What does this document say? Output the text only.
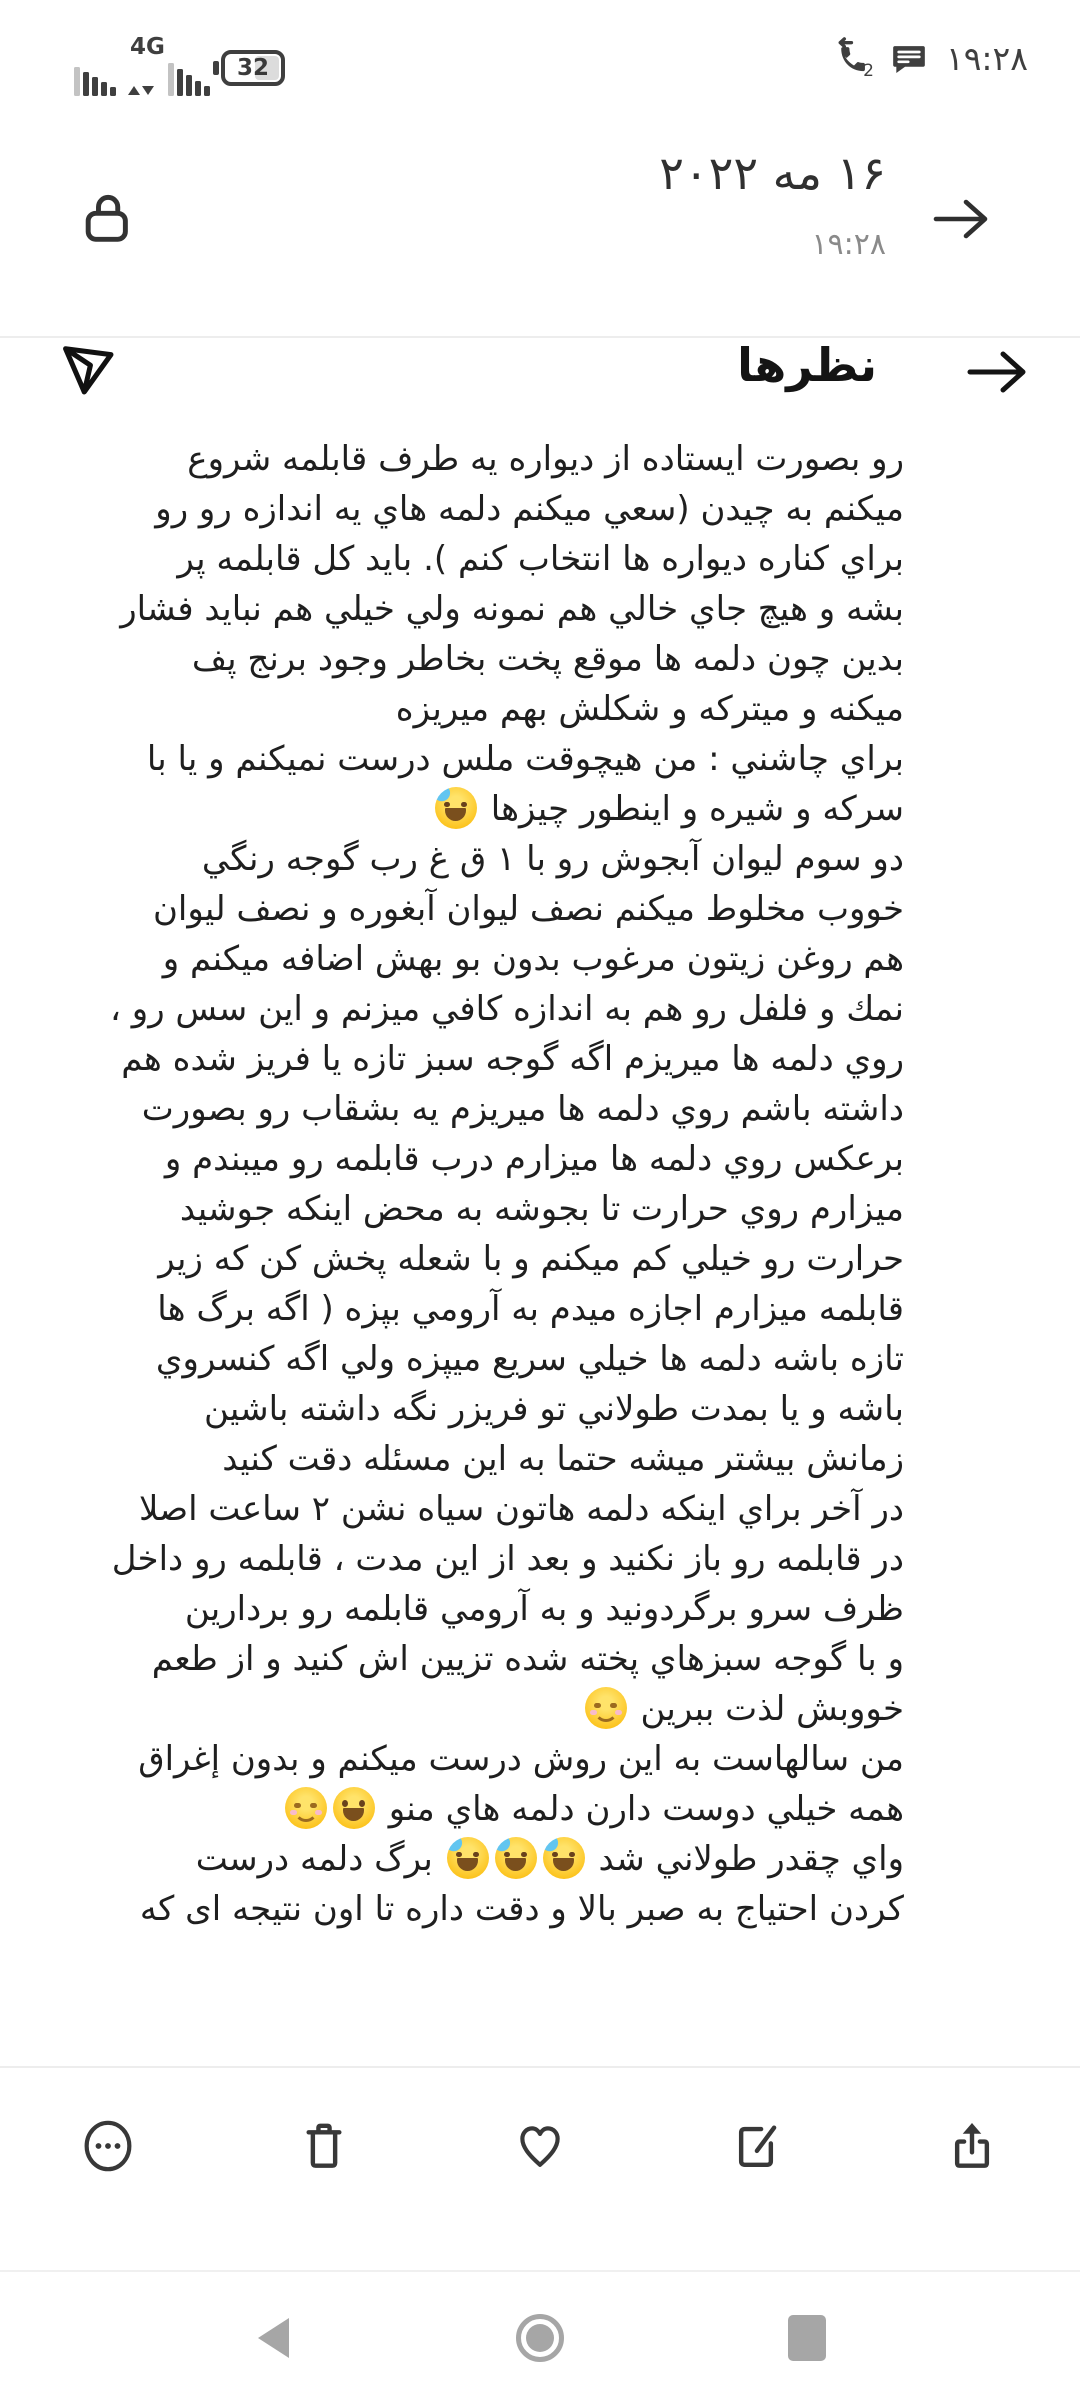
32
4G
2 ۱۹:۲۸
۱۶ مه ۲۰۲۲
۱۹:۲۸
نظرها

رو بصورت ایستاده از دیواره یه طرف قابلمه شروع میکنم به چیدن (سعي میکنم دلمه هاي یه اندازه رو رو براي کناره دیواره ها انتخاب کنم ). باید کل قابلمه پر بشه و هیچ جاي خالي هم نمونه ولي خیلي هم نباید فشار بدین چون دلمه ها موقع پخت بخاطر وجود برنج پف میکنه و میترکه و شکلش بهم میریزه

براي چاشني : من هیچوقت ملس درست نمیکنم و یا با سرکه و شیره و اینطور چیزها

دو سوم لیوان آبجوش رو با ۱ ق غ رب گوجه رنگي خووب مخلوط میکنم نصف لیوان آبغوره و نصف لیوان هم روغن زیتون مرغوب بدون بو بهش اضافه میکنم و نمك و فلفل رو هم به اندازه کافي میزنم و این سس رو ، روي دلمه ها میریزم اگه گوجه سبز تازه یا فریز شده هم داشته باشم روي دلمه ها میریزم یه بشقاب رو بصورت برعکس روي دلمه ها میزارم درب قابلمه رو میبندم و میزارم روي حرارت تا بجوشه به محض اینکه جوشید حرارت رو خیلي کم میکنم و با شعله پخش کن که زیر قابلمه میزارم اجازه میدم به آرومي بپزه ( اگه برگ ها تازه باشه دلمه ها خیلي سریع میپزه ولي اگه کنسروي باشه و یا بمدت طولاني تو فریزر نگه داشته باشین زمانش بیشتر میشه حتما به این مسئله دقت کنید

در آخر براي اینکه دلمه هاتون سیاه نشن ۲ ساعت اصلا در قابلمه رو باز نکنید و بعد از این مدت ، قابلمه رو داخل ظرف سرو برگردونید و به آرومي قابلمه رو بردارین

و با گوجه سبزهاي پخته شده تزیین اش کنید و از طعم خووبش لذت ببرین

من سالهاست به این روش درست میکنم و بدون إغراق همه خیلي دوست دارن دلمه هاي منو

واي چقدر طولاني شد  برگ دلمه درست کردن احتیاج به صبر بالا و دقت داره تا اون نتیجه ای که
